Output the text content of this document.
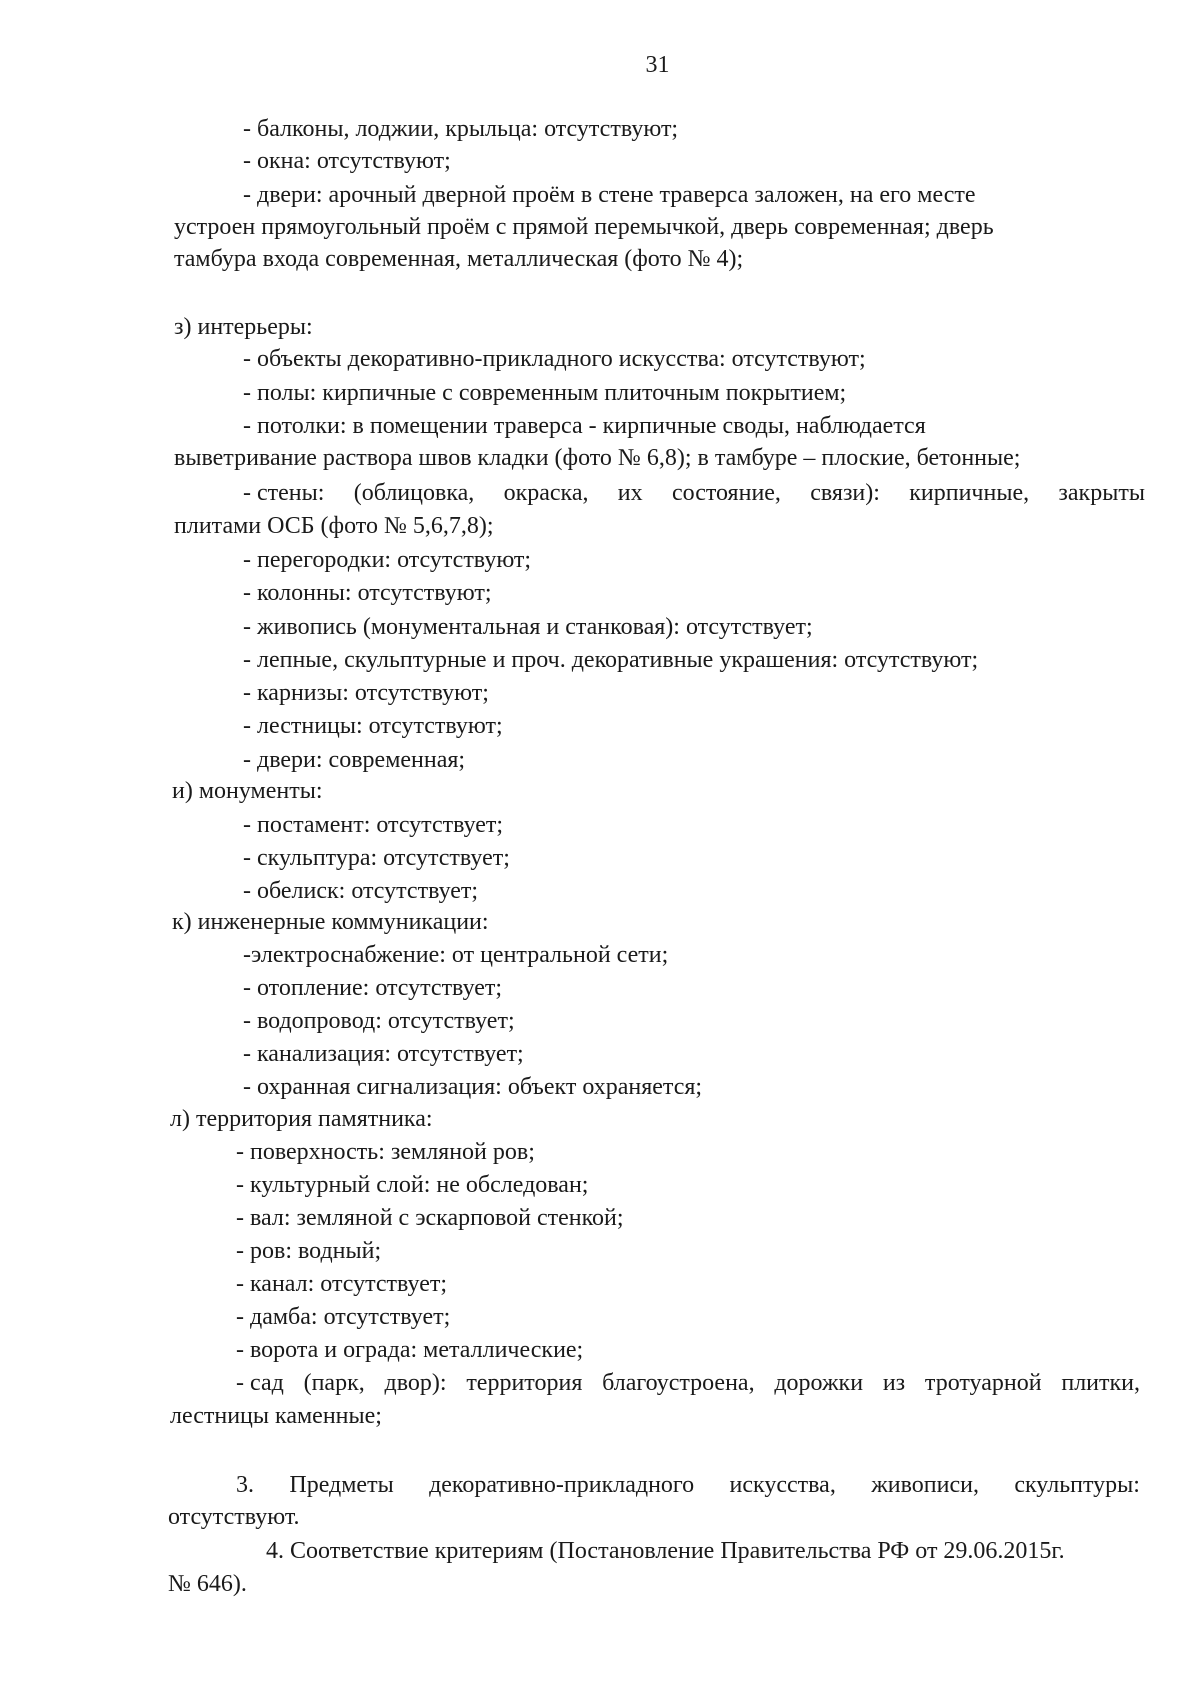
31
- балконы, лоджии, крыльца: отсутствуют;
- окна: отсутствуют;
- двери: арочный дверной проём в стене траверса заложен, на его месте
устроен прямоугольный проём с прямой перемычкой, дверь современная; дверь
тамбура входа современная, металлическая (фото № 4);
з) интерьеры:
- объекты декоративно-прикладного искусства: отсутствуют;
- полы: кирпичные с современным плиточным покрытием;
- потолки: в помещении траверса - кирпичные своды, наблюдается
выветривание раствора швов кладки (фото № 6,8); в тамбуре – плоские, бетонные;
- стены: (облицовка, окраска, их состояние, связи): кирпичные, закрыты
плитами ОСБ (фото № 5,6,7,8);
- перегородки: отсутствуют;
- колонны: отсутствуют;
- живопись (монументальная и станковая): отсутствует;
- лепные, скульптурные и проч. декоративные украшения: отсутствуют;
- карнизы: отсутствуют;
- лестницы: отсутствуют;
- двери: современная;
и) монументы:
- постамент: отсутствует;
- скульптура: отсутствует;
- обелиск: отсутствует;
к) инженерные коммуникации:
-электроснабжение: от центральной сети;
- отопление: отсутствует;
- водопровод: отсутствует;
- канализация: отсутствует;
- охранная сигнализация: объект охраняется;
л) территория памятника:
- поверхность: земляной ров;
- культурный слой: не обследован;
- вал: земляной с эскарповой стенкой;
- ров: водный;
- канал: отсутствует;
- дамба: отсутствует;
- ворота и ограда: металлические;
- сад (парк, двор): территория благоустроена, дорожки из тротуарной плитки,
лестницы каменные;
3. Предметы декоративно-прикладного искусства, живописи, скульптуры:
отсутствуют.
4. Соответствие критериям (Постановление Правительства РФ от 29.06.2015г.
№ 646).
